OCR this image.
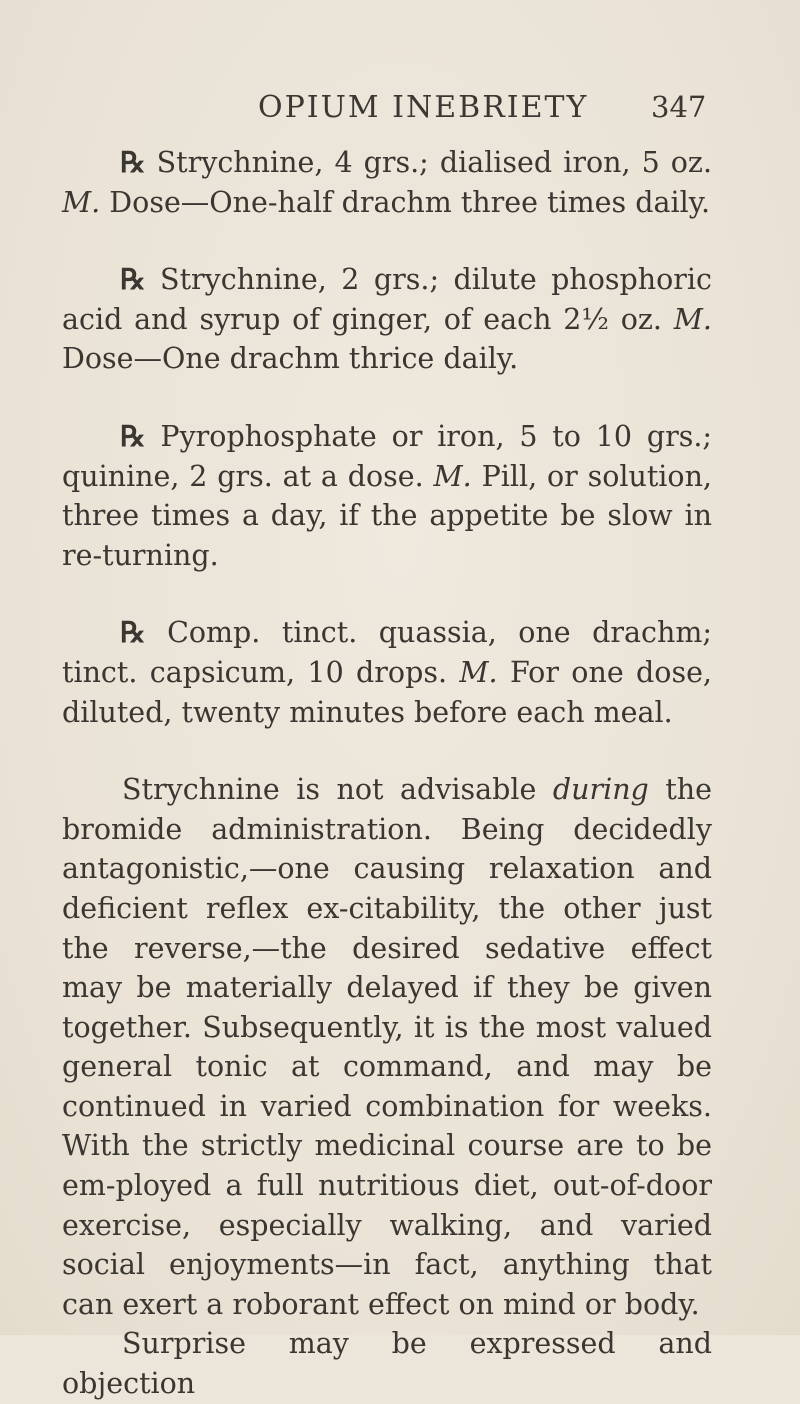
OPIUM INEBRIETY 347

℞ Strychnine, 4 grs.; dialised iron, 5 oz. M. Dose—One-half drachm three times daily.

℞ Strychnine, 2 grs.; dilute phosphoric acid and syrup of ginger, of each 2½ oz. M. Dose—One drachm thrice daily.

℞ Pyrophosphate or iron, 5 to 10 grs.; quinine, 2 grs. at a dose. M. Pill, or solution, three times a day, if the appetite be slow in re-turning.

℞ Comp. tinct. quassia, one drachm; tinct. capsicum, 10 drops. M. For one dose, diluted, twenty minutes before each meal.

Strychnine is not advisable during the bromide administration. Being decidedly antagonistic,—one causing relaxation and deficient reflex ex-citability, the other just the reverse,—the desired sedative effect may be materially delayed if they be given together. Subsequently, it is the most valued general tonic at command, and may be continued in varied combination for weeks. With the strictly medicinal course are to be em-ployed a full nutritious diet, out-of-door exercise, especially walking, and varied social enjoyments—in fact, anything that can exert a roborant effect on mind or body.

Surprise may be expressed and objection
